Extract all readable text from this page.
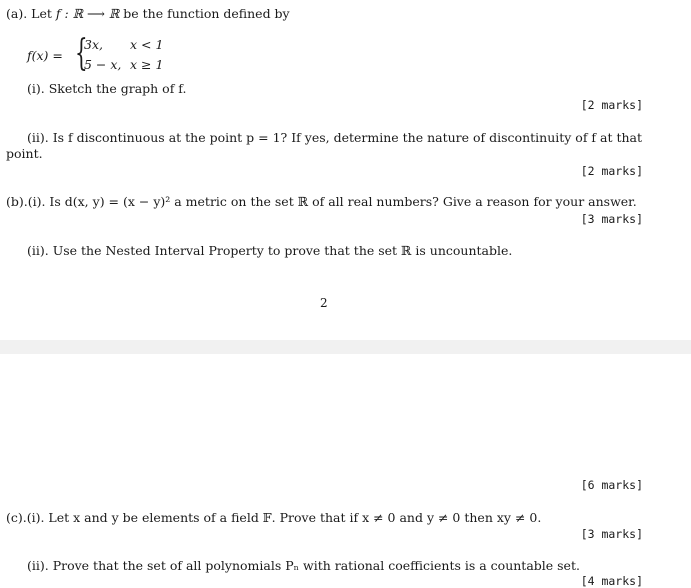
(a). Let f : ℝ ⟶ ℝ be the function defined by
f(x) = {
3x, x < 1
5 − x, x ≥ 1
(i). Sketch the graph of f.
[2 marks]
(ii). Is f discontinuous at the point p = 1? If yes, determine the nature of discontinuity of f at that
point.
[2 marks]
(b).(i). Is d(x, y) = (x − y)² a metric on the set ℝ of all real numbers? Give a reason for your answer.
[3 marks]
(ii). Use the Nested Interval Property to prove that the set ℝ is uncountable.
2
[6 marks]
(c).(i). Let x and y be elements of a field 𝔽. Prove that if x ≠ 0 and y ≠ 0 then xy ≠ 0.
[3 marks]
(ii). Prove that the set of all polynomials Pₙ with rational coefficients is a countable set.
[4 marks]
